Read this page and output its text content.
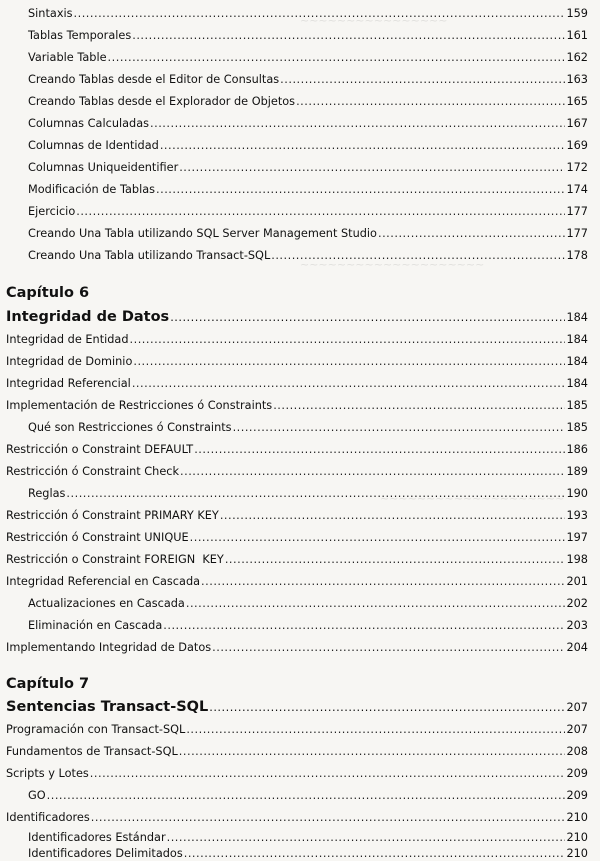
~~~~~~~~~~~~~~~~
~~~~~~~~~~~~~~~~~~~~
~~~~~~~~~~~~~~~~~~~~
Sintaxis .....	159
Tablas Temporales .....	161
Variable Table .....	162
Creando Tablas desde el Editor de Consultas .....	163
Creando Tablas desde el Explorador de Objetos .....	165
Columnas Calculadas .....	167
Columnas de Identidad .....	169
Columnas Uniqueidentifier .....	172
Modificación de Tablas .....	174
Ejercicio .....	177
Creando Una Tabla utilizando SQL Server Management Studio .....	177
Creando Una Tabla utilizando Transact-SQL .....	178
Capítulo 6
Integridad de Datos .....	184
Integridad de Entidad .....	184
Integridad de Dominio .....	184
Integridad Referencial .....	184
Implementación de Restricciones ó Constraints .....	185
Qué son Restricciones ó Constraints .....	185
Restricción o Constraint DEFAULT .....	186
Restricción ó Constraint Check .....	189
Reglas .....	190
Restricción ó Constraint PRIMARY KEY .....	193
Restricción ó Constraint UNIQUE .....	197
Restricción o Constraint FOREIGN  KEY .....	198
Integridad Referencial en Cascada .....	201
Actualizaciones en Cascada .....	202
Eliminación en Cascada .....	203
Implementando Integridad de Datos .....	204
Capítulo 7
Sentencias Transact-SQL .....	207
Programación con Transact-SQL .....	207
Fundamentos de Transact-SQL .....	208
Scripts y Lotes .....	209
GO .....	209
Identificadores .....	210
Identificadores Estándar .....	210
Identificadores Delimitados .....	210
